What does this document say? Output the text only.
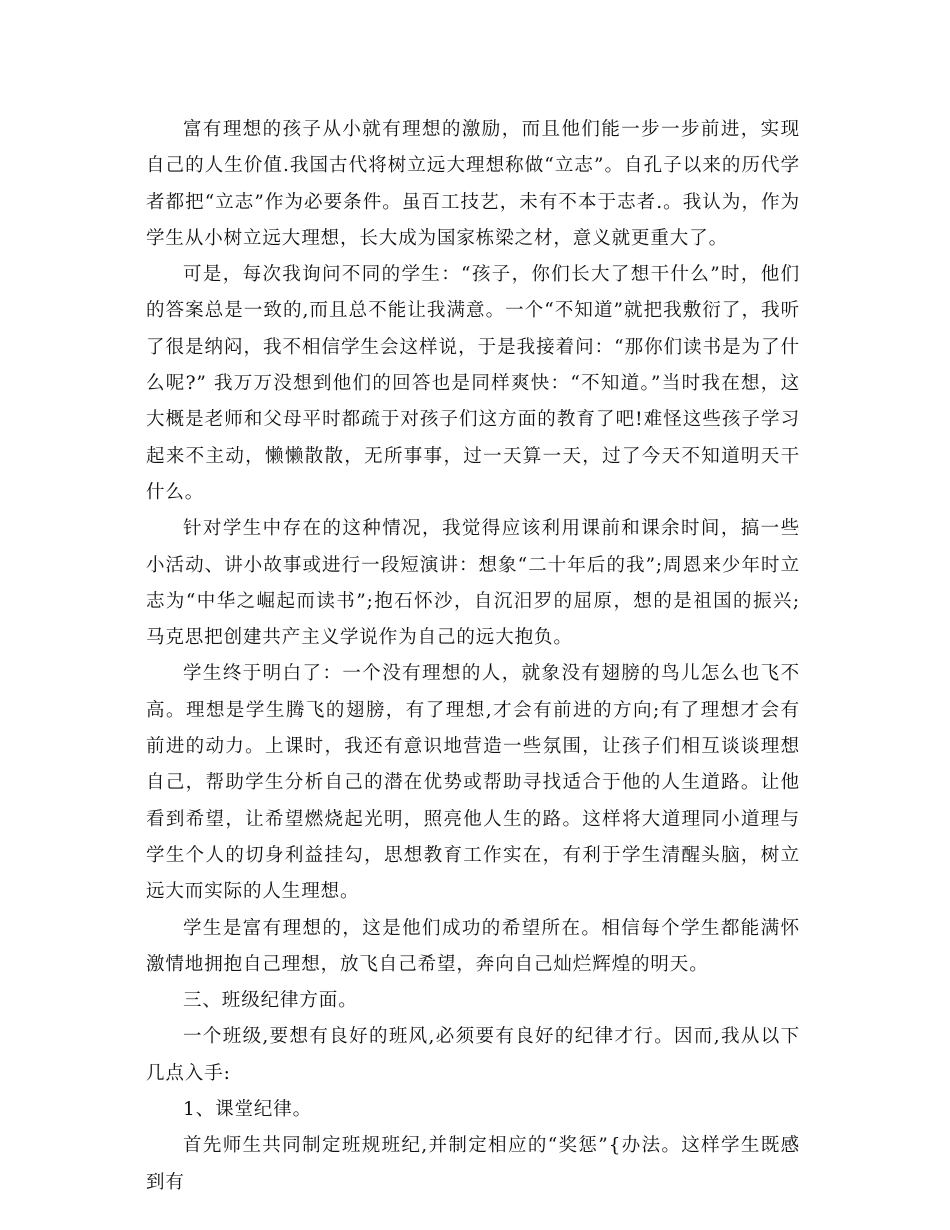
富有理想的孩子从小就有理想的激励，而且他们能一步一步前进，实现自己的人生价值.我国古代将树立远大理想称做“立志”。自孔子以来的历代学者都把“立志”作为必要条件。虽百工技艺，未有不本于志者.。我认为，作为学生从小树立远大理想，长大成为国家栋梁之材，意义就更重大了。

可是，每次我询问不同的学生：“孩子，你们长大了想干什么”时，他们的答案总是一致的,而且总不能让我满意。一个“不知道”就把我敷衍了，我听了很是纳闷，我不相信学生会这样说，于是我接着问：“那你们读书是为了什么呢?” 我万万没想到他们的回答也是同样爽快：“不知道。”当时我在想，这大概是老师和父母平时都疏于对孩子们这方面的教育了吧!难怪这些孩子学习起来不主动，懒懒散散，无所事事，过一天算一天，过了今天不知道明天干什么。

针对学生中存在的这种情况，我觉得应该利用课前和课余时间，搞一些小活动、讲小故事或进行一段短演讲：想象“二十年后的我”;周恩来少年时立志为“中华之崛起而读书”;抱石怀沙，自沉汨罗的屈原，想的是祖国的振兴;马克思把创建共产主义学说作为自己的远大抱负。

学生终于明白了：一个没有理想的人，就象没有翅膀的鸟儿怎么也飞不高。理想是学生腾飞的翅膀，有了理想,才会有前进的方向;有了理想才会有前进的动力。上课时，我还有意识地营造一些氛围，让孩子们相互谈谈理想自己，帮助学生分析自己的潜在优势或帮助寻找适合于他的人生道路。让他看到希望，让希望燃烧起光明，照亮他人生的路。这样将大道理同小道理与学生个人的切身利益挂勾，思想教育工作实在，有利于学生清醒头脑，树立远大而实际的人生理想。

学生是富有理想的，这是他们成功的希望所在。相信每个学生都能满怀激情地拥抱自己理想，放飞自己希望，奔向自己灿烂辉煌的明天。

三、班级纪律方面。

一个班级,要想有良好的班风,必须要有良好的纪律才行。因而,我从以下几点入手:

1、课堂纪律。

首先师生共同制定班规班纪,并制定相应的“奖惩”{办法。这样学生既感到有
